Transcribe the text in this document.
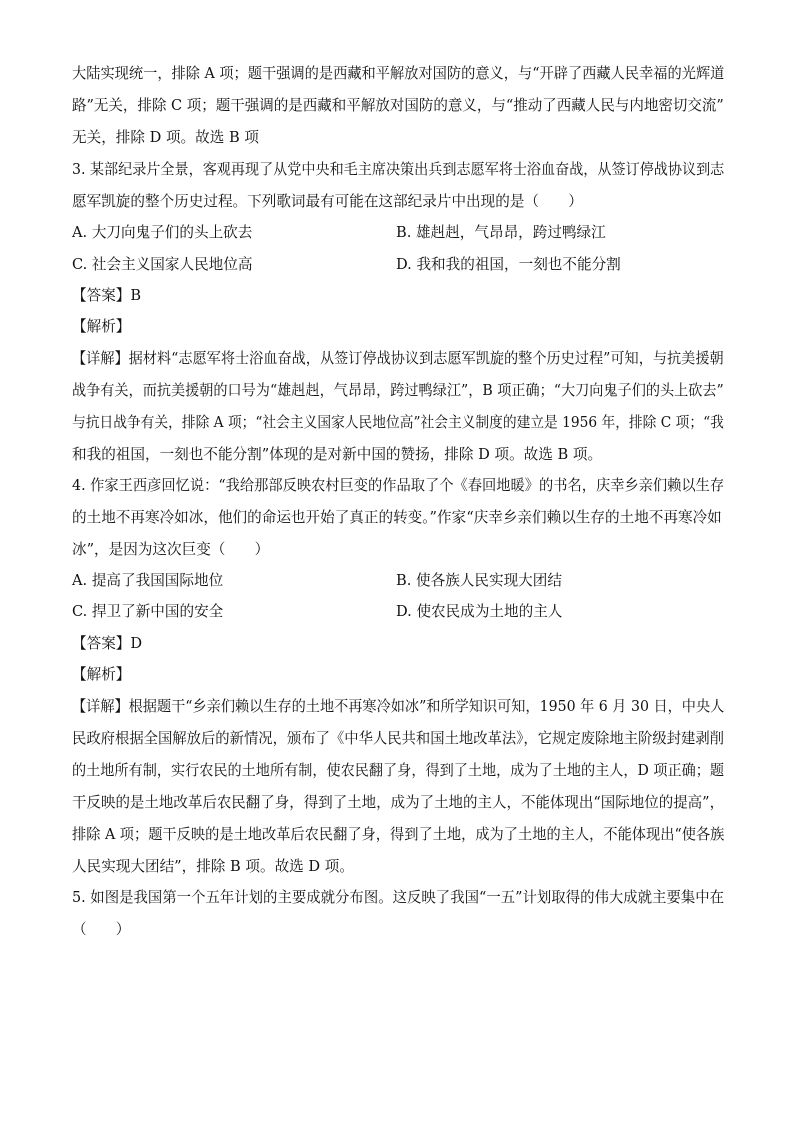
大陆实现统一，排除 A 项；题干强调的是西藏和平解放对国防的意义，与“开辟了西藏人民幸福的光辉道
路”无关，排除 C 项；题干强调的是西藏和平解放对国防的意义，与“推动了西藏人民与内地密切交流”
无关，排除 D 项。故选 B 项
3. 某部纪录片全景，客观再现了从党中央和毛主席决策出兵到志愿军将士浴血奋战，从签订停战协议到志
愿军凯旋的整个历史过程。下列歌词最有可能在这部纪录片中出现的是（　　）
A. 大刀向鬼子们的头上砍去	B. 雄赳赳，气昂昂，跨过鸭绿江
C. 社会主义国家人民地位高	D. 我和我的祖国，一刻也不能分割
【答案】B
【解析】
【详解】据材料“志愿军将士浴血奋战，从签订停战协议到志愿军凯旋的整个历史过程”可知，与抗美援朝
战争有关，而抗美援朝的口号为“雄赳赳，气昂昂，跨过鸭绿江”，B 项正确；“大刀向鬼子们的头上砍去”
与抗日战争有关，排除 A 项；“社会主义国家人民地位高”社会主义制度的建立是 1956 年，排除 C 项；“我
和我的祖国，一刻也不能分割”体现的是对新中国的赞扬，排除 D 项。故选 B 项。
4. 作家王西彦回忆说：“我给那部反映农村巨变的作品取了个《春回地暖》的书名，庆幸乡亲们赖以生存
的土地不再寒冷如冰，他们的命运也开始了真正的转变。”作家“庆幸乡亲们赖以生存的土地不再寒冷如
冰”，是因为这次巨变（　　）
A. 提高了我国国际地位	B. 使各族人民实现大团结
C. 捍卫了新中国的安全	D. 使农民成为土地的主人
【答案】D
【解析】
【详解】根据题干“乡亲们赖以生存的土地不再寒冷如冰”和所学知识可知，1950 年 6 月 30 日，中央人
民政府根据全国解放后的新情况，颁布了《中华人民共和国土地改革法》，它规定废除地主阶级封建剥削
的土地所有制，实行农民的土地所有制，使农民翻了身，得到了土地，成为了土地的主人，D 项正确；题
干反映的是土地改革后农民翻了身，得到了土地，成为了土地的主人，不能体现出“国际地位的提高”，
排除 A 项；题干反映的是土地改革后农民翻了身，得到了土地，成为了土地的主人，不能体现出“使各族
人民实现大团结”，排除 B 项。故选 D 项。
5. 如图是我国第一个五年计划的主要成就分布图。这反映了我国“一五”计划取得的伟大成就主要集中在
（　　）
